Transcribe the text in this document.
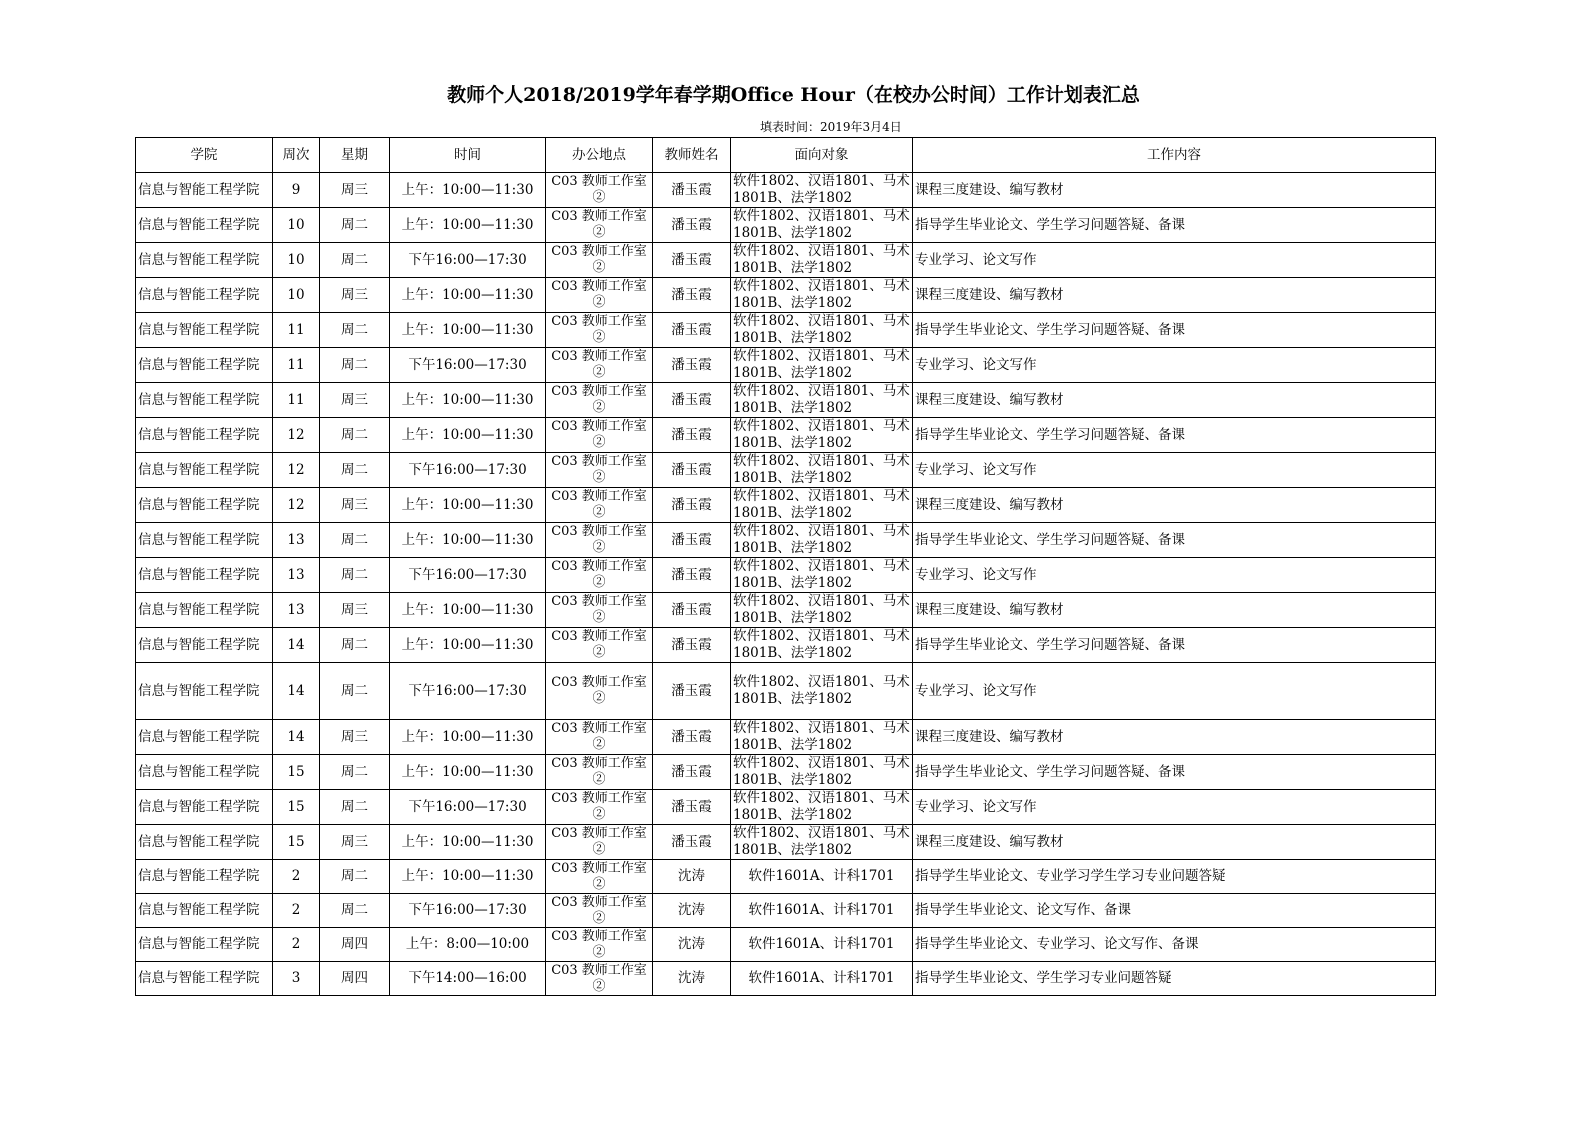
教师个人2018/2019学年春学期Office Hour（在校办公时间）工作计划表汇总
填表时间：2019年3月4日
学院	周次	星期	时间	办公地点	教师姓名	面向对象	工作内容
信息与智能工程学院	9	周三	上午：10:00—11:30	C03 教师工作室②	潘玉霞	软件1802、汉语1801、马术1801B、法学1802	课程三度建设、编写教材
信息与智能工程学院	10	周二	上午：10:00—11:30	C03 教师工作室②	潘玉霞	软件1802、汉语1801、马术1801B、法学1802	指导学生毕业论文、学生学习问题答疑、备课
信息与智能工程学院	10	周二	下午16:00—17:30	C03 教师工作室②	潘玉霞	软件1802、汉语1801、马术1801B、法学1802	专业学习、论文写作
信息与智能工程学院	10	周三	上午：10:00—11:30	C03 教师工作室②	潘玉霞	软件1802、汉语1801、马术1801B、法学1802	课程三度建设、编写教材
信息与智能工程学院	11	周二	上午：10:00—11:30	C03 教师工作室②	潘玉霞	软件1802、汉语1801、马术1801B、法学1802	指导学生毕业论文、学生学习问题答疑、备课
信息与智能工程学院	11	周二	下午16:00—17:30	C03 教师工作室②	潘玉霞	软件1802、汉语1801、马术1801B、法学1802	专业学习、论文写作
信息与智能工程学院	11	周三	上午：10:00—11:30	C03 教师工作室②	潘玉霞	软件1802、汉语1801、马术1801B、法学1802	课程三度建设、编写教材
信息与智能工程学院	12	周二	上午：10:00—11:30	C03 教师工作室②	潘玉霞	软件1802、汉语1801、马术1801B、法学1802	指导学生毕业论文、学生学习问题答疑、备课
信息与智能工程学院	12	周二	下午16:00—17:30	C03 教师工作室②	潘玉霞	软件1802、汉语1801、马术1801B、法学1802	专业学习、论文写作
信息与智能工程学院	12	周三	上午：10:00—11:30	C03 教师工作室②	潘玉霞	软件1802、汉语1801、马术1801B、法学1802	课程三度建设、编写教材
信息与智能工程学院	13	周二	上午：10:00—11:30	C03 教师工作室②	潘玉霞	软件1802、汉语1801、马术1801B、法学1802	指导学生毕业论文、学生学习问题答疑、备课
信息与智能工程学院	13	周二	下午16:00—17:30	C03 教师工作室②	潘玉霞	软件1802、汉语1801、马术1801B、法学1802	专业学习、论文写作
信息与智能工程学院	13	周三	上午：10:00—11:30	C03 教师工作室②	潘玉霞	软件1802、汉语1801、马术1801B、法学1802	课程三度建设、编写教材
信息与智能工程学院	14	周二	上午：10:00—11:30	C03 教师工作室②	潘玉霞	软件1802、汉语1801、马术1801B、法学1802	指导学生毕业论文、学生学习问题答疑、备课
信息与智能工程学院	14	周二	下午16:00—17:30	C03 教师工作室②	潘玉霞	软件1802、汉语1801、马术1801B、法学1802	专业学习、论文写作
信息与智能工程学院	14	周三	上午：10:00—11:30	C03 教师工作室②	潘玉霞	软件1802、汉语1801、马术1801B、法学1802	课程三度建设、编写教材
信息与智能工程学院	15	周二	上午：10:00—11:30	C03 教师工作室②	潘玉霞	软件1802、汉语1801、马术1801B、法学1802	指导学生毕业论文、学生学习问题答疑、备课
信息与智能工程学院	15	周二	下午16:00—17:30	C03 教师工作室②	潘玉霞	软件1802、汉语1801、马术1801B、法学1802	专业学习、论文写作
信息与智能工程学院	15	周三	上午：10:00—11:30	C03 教师工作室②	潘玉霞	软件1802、汉语1801、马术1801B、法学1802	课程三度建设、编写教材
信息与智能工程学院	2	周二	上午：10:00—11:30	C03 教师工作室②	沈涛	软件1601A、计科1701	指导学生毕业论文、专业学习学生学习专业问题答疑
信息与智能工程学院	2	周二	下午16:00—17:30	C03 教师工作室②	沈涛	软件1601A、计科1701	指导学生毕业论文、论文写作、备课
信息与智能工程学院	2	周四	上午：8:00—10:00	C03 教师工作室②	沈涛	软件1601A、计科1701	指导学生毕业论文、专业学习、论文写作、备课
信息与智能工程学院	3	周四	下午14:00—16:00	C03 教师工作室②	沈涛	软件1601A、计科1701	指导学生毕业论文、学生学习专业问题答疑
